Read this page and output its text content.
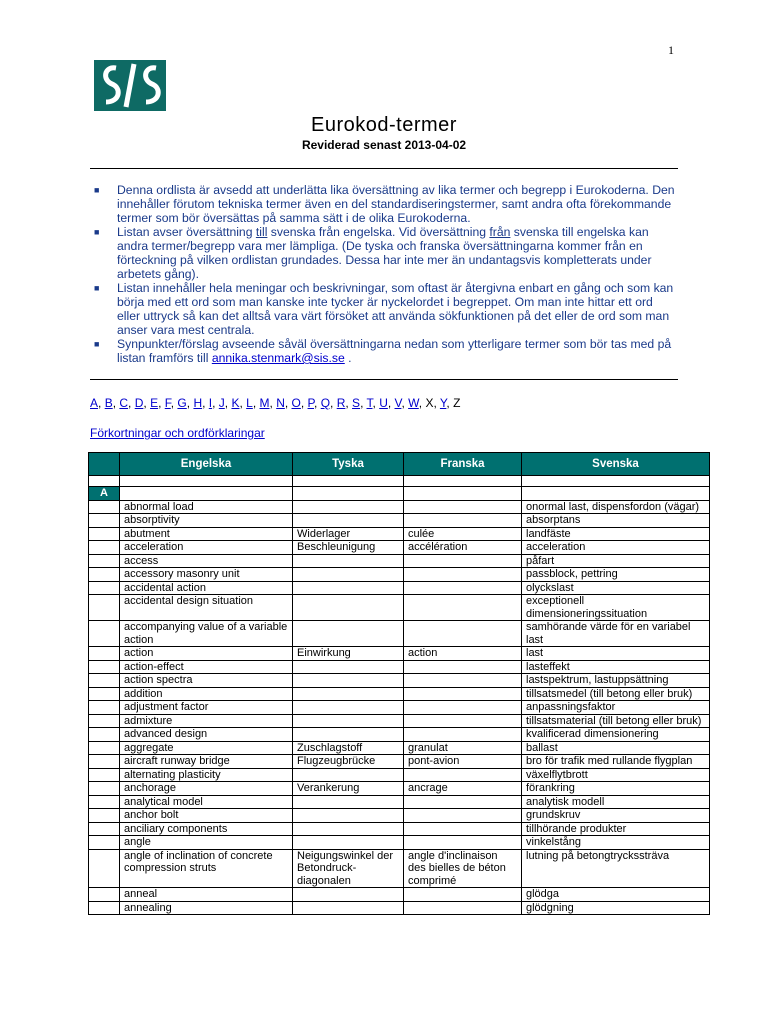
1
Eurokod-termer
Reviderad senast 2013-04-02
■ Denna ordlista är avsedd att underlätta lika översättning av lika termer och begrepp i Eurokoderna. Den innehåller förutom tekniska termer även en del standardiseringstermer, samt andra ofta förekommande termer som bör översättas på samma sätt i de olika Eurokoderna.
■ Listan avser översättning till svenska från engelska. Vid översättning från svenska till engelska kan andra termer/begrepp vara mer lämpliga. (De tyska och franska översättningarna kommer från en förteckning på vilken ordlistan grundades. Dessa har inte mer än undantagsvis kompletterats under arbetets gång).
■ Listan innehåller hela meningar och beskrivningar, som oftast är återgivna enbart en gång och som kan börja med ett ord som man kanske inte tycker är nyckelordet i begreppet. Om man inte hittar ett ord eller uttryck så kan det alltså vara värt försöket att använda sökfunktionen på det eller de ord som man anser vara mest centrala.
■ Synpunkter/förslag avseende såväl översättningarna nedan som ytterligare termer som bör tas med på listan framförs till annika.stenmark@sis.se .
A, B, C, D, E, F, G, H, I, J, K, L, M, N, O, P, Q, R, S, T, U, V, W, X, Y, Z
Förkortningar och ordförklaringar
	Engelska	Tyska	Franska	Svenska

A				
	abnormal load			onormal last, dispensfordon (vägar)
	absorptivity			absorptans
	abutment	Widerlager	culée	landfäste
	acceleration	Beschleunigung	accélération	acceleration
	access			påfart
	accessory masonry unit			passblock, pettring
	accidental action			olyckslast
	accidental design situation			exceptionell dimensioneringssituation
	accompanying value of a variable action			samhörande värde för en variabel last
	action	Einwirkung	action	last
	action-effect			lasteffekt
	action spectra			lastspektrum, lastuppsättning
	addition			tillsatsmedel (till betong eller bruk)
	adjustment factor			anpassningsfaktor
	admixture			tillsatsmaterial (till betong eller bruk)
	advanced design			kvalificerad dimensionering
	aggregate	Zuschlagstoff	granulat	ballast
	aircraft runway bridge	Flugzeugbrücke	pont-avion	bro för trafik med rullande flygplan
	alternating plasticity			växelflytbrott
	anchorage	Verankerung	ancrage	förankring
	analytical model			analytisk modell
	anchor bolt			grundskruv
	anciliary components			tillhörande produkter
	angle			vinkelstång
	angle of inclination of concrete compression struts	Neigungswinkel der Betondruck-diagonalen	angle d'inclinaison des bielles de béton comprimé	lutning på betongtryckssträva
	anneal			glödga
	annealing			glödgning
